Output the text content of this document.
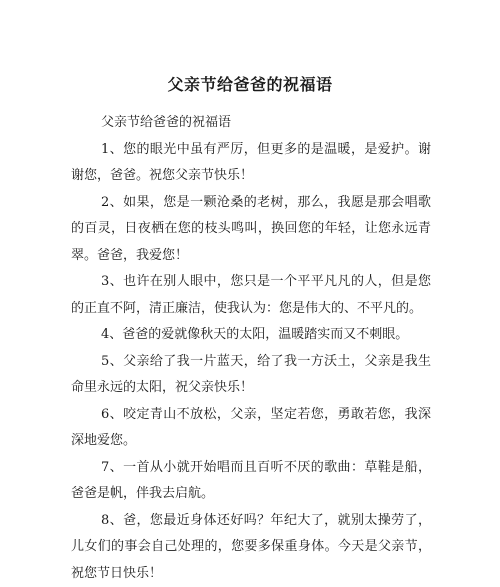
父亲节给爸爸的祝福语

父亲节给爸爸的祝福语

1、您的眼光中虽有严厉，但更多的是温暖，是爱护。谢谢您，爸爸。祝您父亲节快乐！

2、如果，您是一颗沧桑的老树，那么，我愿是那会唱歌的百灵，日夜栖在您的枝头鸣叫，换回您的年轻，让您永远青翠。爸爸，我爱您！

3、也许在别人眼中，您只是一个平平凡凡的人，但是您的正直不阿，清正廉洁，使我认为：您是伟大的、不平凡的。

4、爸爸的爱就像秋天的太阳，温暖踏实而又不刺眼。

5、父亲给了我一片蓝天，给了我一方沃土，父亲是我生命里永远的太阳，祝父亲快乐！

6、咬定青山不放松，父亲，坚定若您，勇敢若您，我深深地爱您。

7、一首从小就开始唱而且百听不厌的歌曲：草鞋是船，爸爸是帆，伴我去启航。

8、爸，您最近身体还好吗？年纪大了，就别太操劳了，儿女们的事会自己处理的，您要多保重身体。今天是父亲节，祝您节日快乐！
